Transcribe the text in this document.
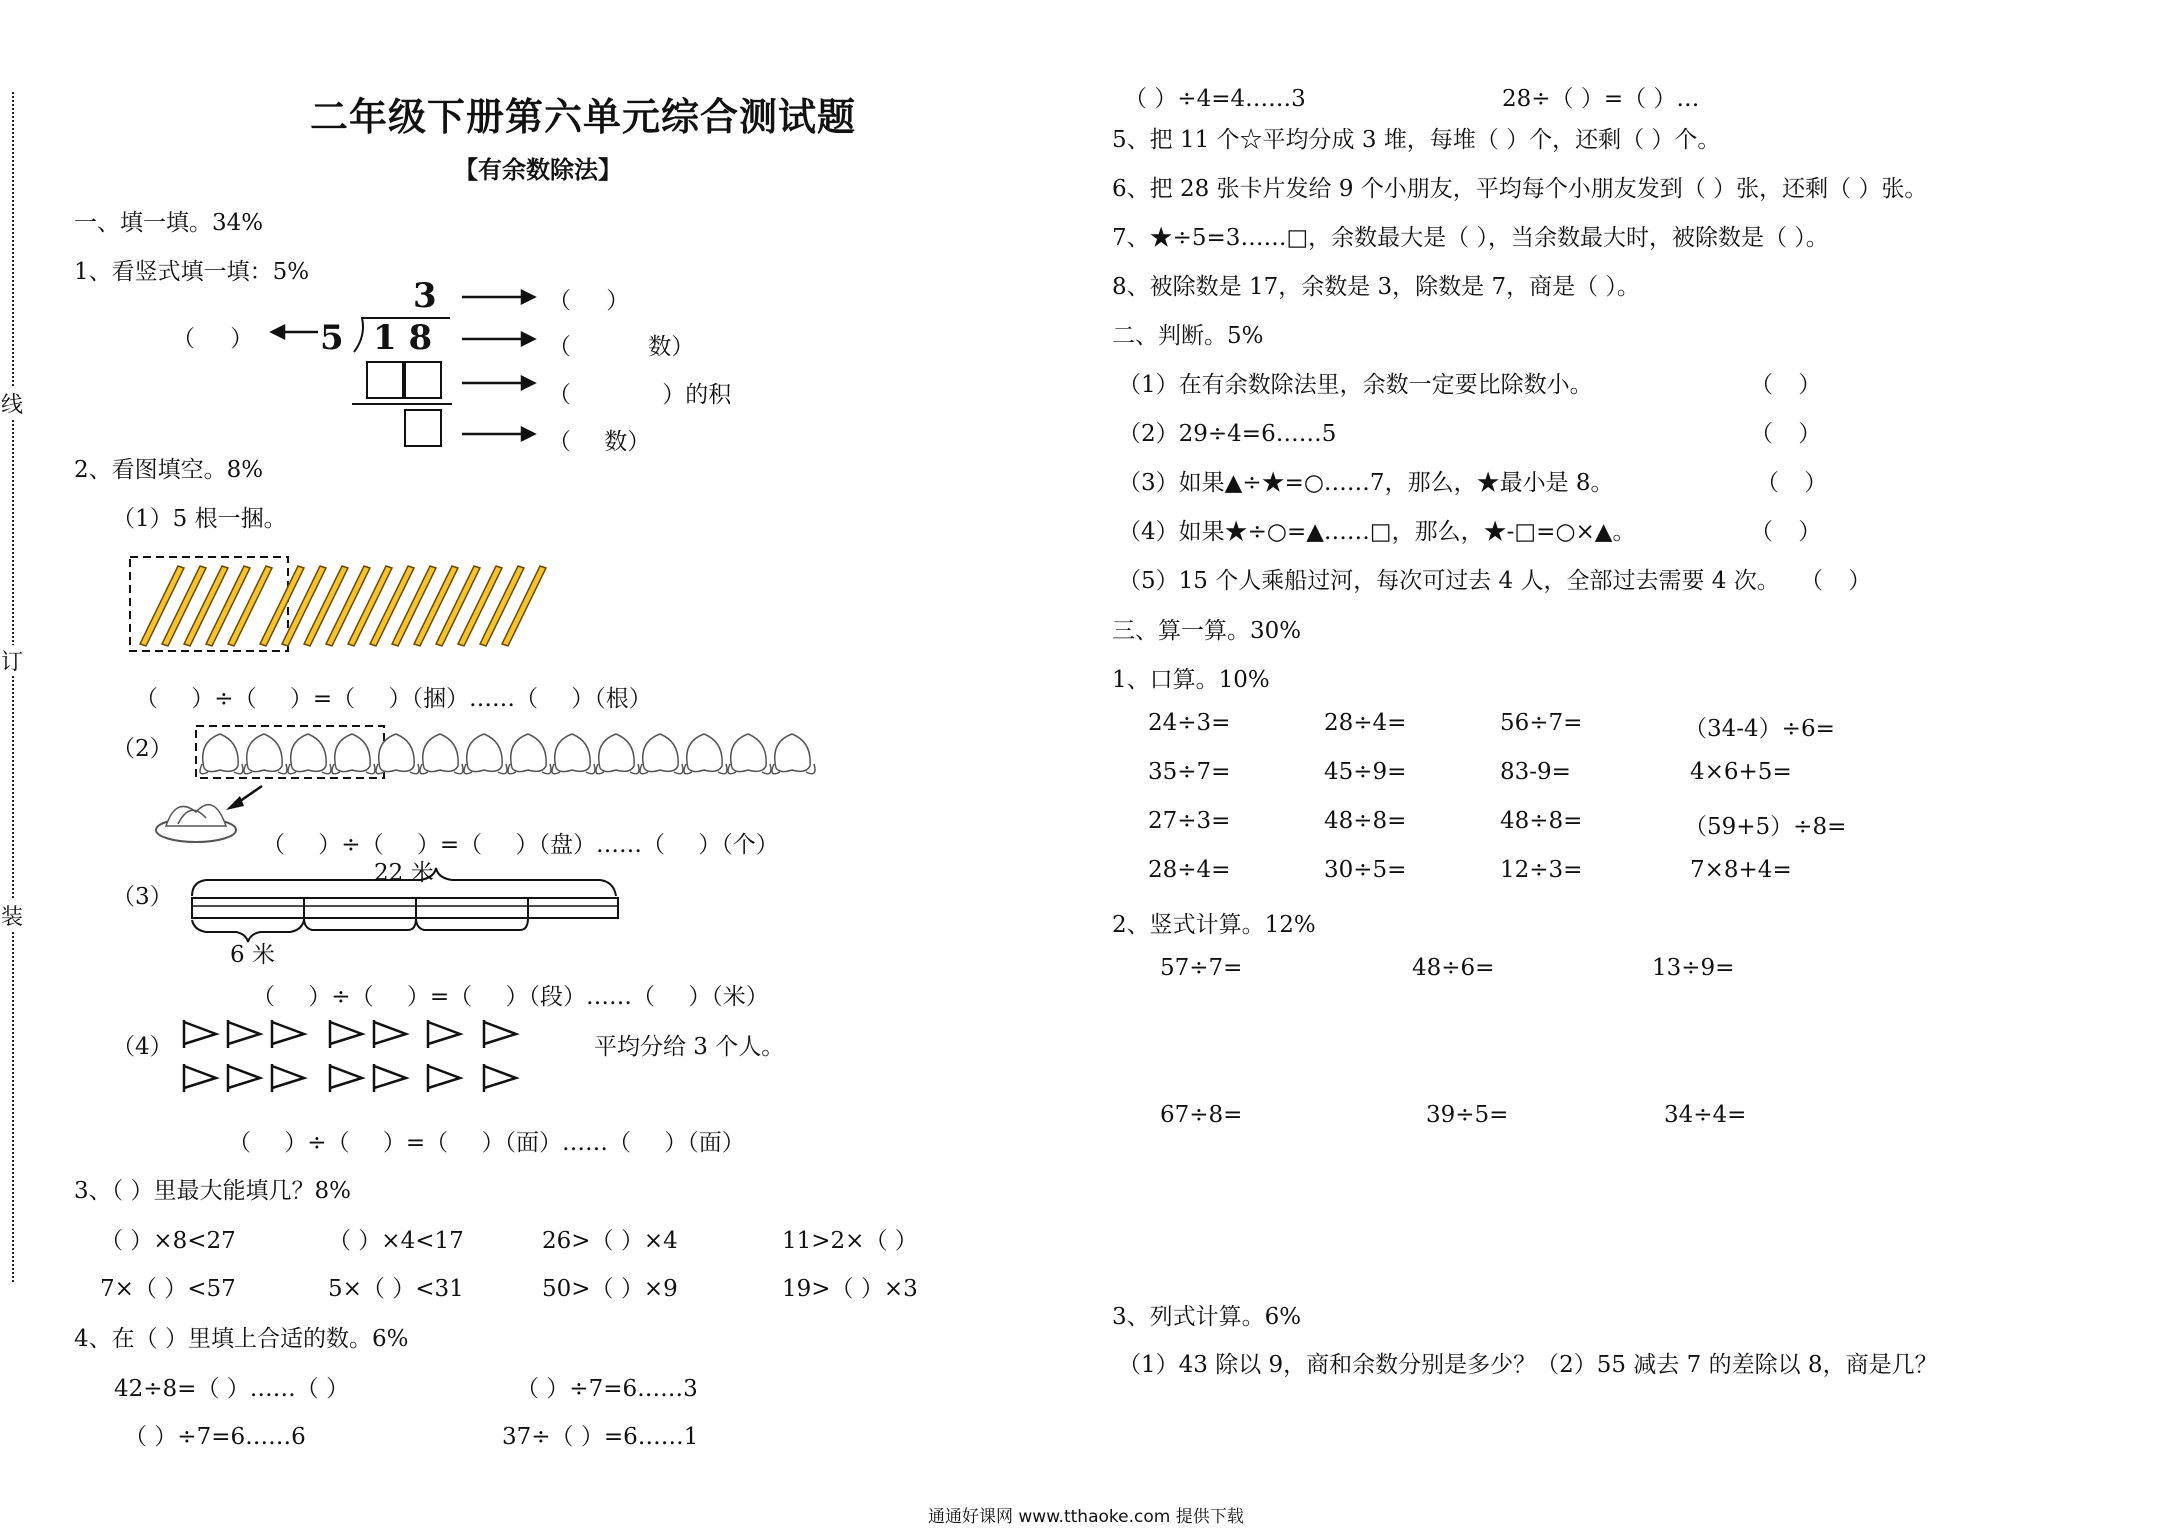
线
订
装
二年级下册第六单元综合测试题
【有余数除法】
一、填一填。34%
1、看竖式填一填：5%
3
5 1 8
（ ）
（ ）
（ 数）
（ ）的积
（ 数）
2、看图填空。8%
（1）5 根一捆。
（ ）÷（ ）=（ ）（捆）……（ ）（根）
（2）
（ ）÷（ ）=（ ）（盘）……（ ）（个）
（3）
22 米
6 米
（ ）÷（ ）=（ ）（段）……（ ）（米）
（4）	平均分给 3 个人。
（ ）÷（ ）=（ ）（面）……（ ）（面）
3、（ ）里最大能填几？8%
（ ）×8<27	（ ）×4<17	26>（ ）×4	11>2×（ ）
7×（ ）<57	5×（ ）<31	50>（ ）×9	19>（ ）×3
4、在（ ）里填上合适的数。6%
42÷8=（ ）……（ ）	（ ）÷7=6……3
（ ）÷7=6……6	37÷（ ）=6……1
（ ）÷4=4……3	28÷（ ）=（ ）…
5、把 11 个☆平均分成 3 堆，每堆（ ）个，还剩（ ）个。
6、把 28 张卡片发给 9 个小朋友，平均每个小朋友发到（ ）张，还剩（ ）张。
7、★÷5=3……□，余数最大是（ ），当余数最大时，被除数是（ ）。
8、被除数是 17，余数是 3，除数是 7，商是（ ）。
二、判断。5%
（1）在有余数除法里，余数一定要比除数小。	（ ）
（2）29÷4=6……5	（ ）
（3）如果▲÷★=○……7，那么，★最小是 8。	（ ）
（4）如果★÷○=▲……□，那么，★-□=○×▲。	（ ）
（5）15 个人乘船过河，每次可过去 4 人，全部过去需要 4 次。 （ ）
三、算一算。30%
1、口算。10%
24÷3=	28÷4=	56÷7=	（34-4）÷6=
35÷7=	45÷9=	83-9=	4×6+5=
27÷3=	48÷8=	48÷8=	（59+5）÷8=
28÷4=	30÷5=	12÷3=	7×8+4=
2、竖式计算。12%
57÷7=	48÷6=	13÷9=
67÷8=	39÷5=	34÷4=
3、列式计算。6%
（1）43 除以 9，商和余数分别是多少？（2）55 减去 7 的差除以 8，商是几？
通通好课网 www.tthaoke.com 提供下载
